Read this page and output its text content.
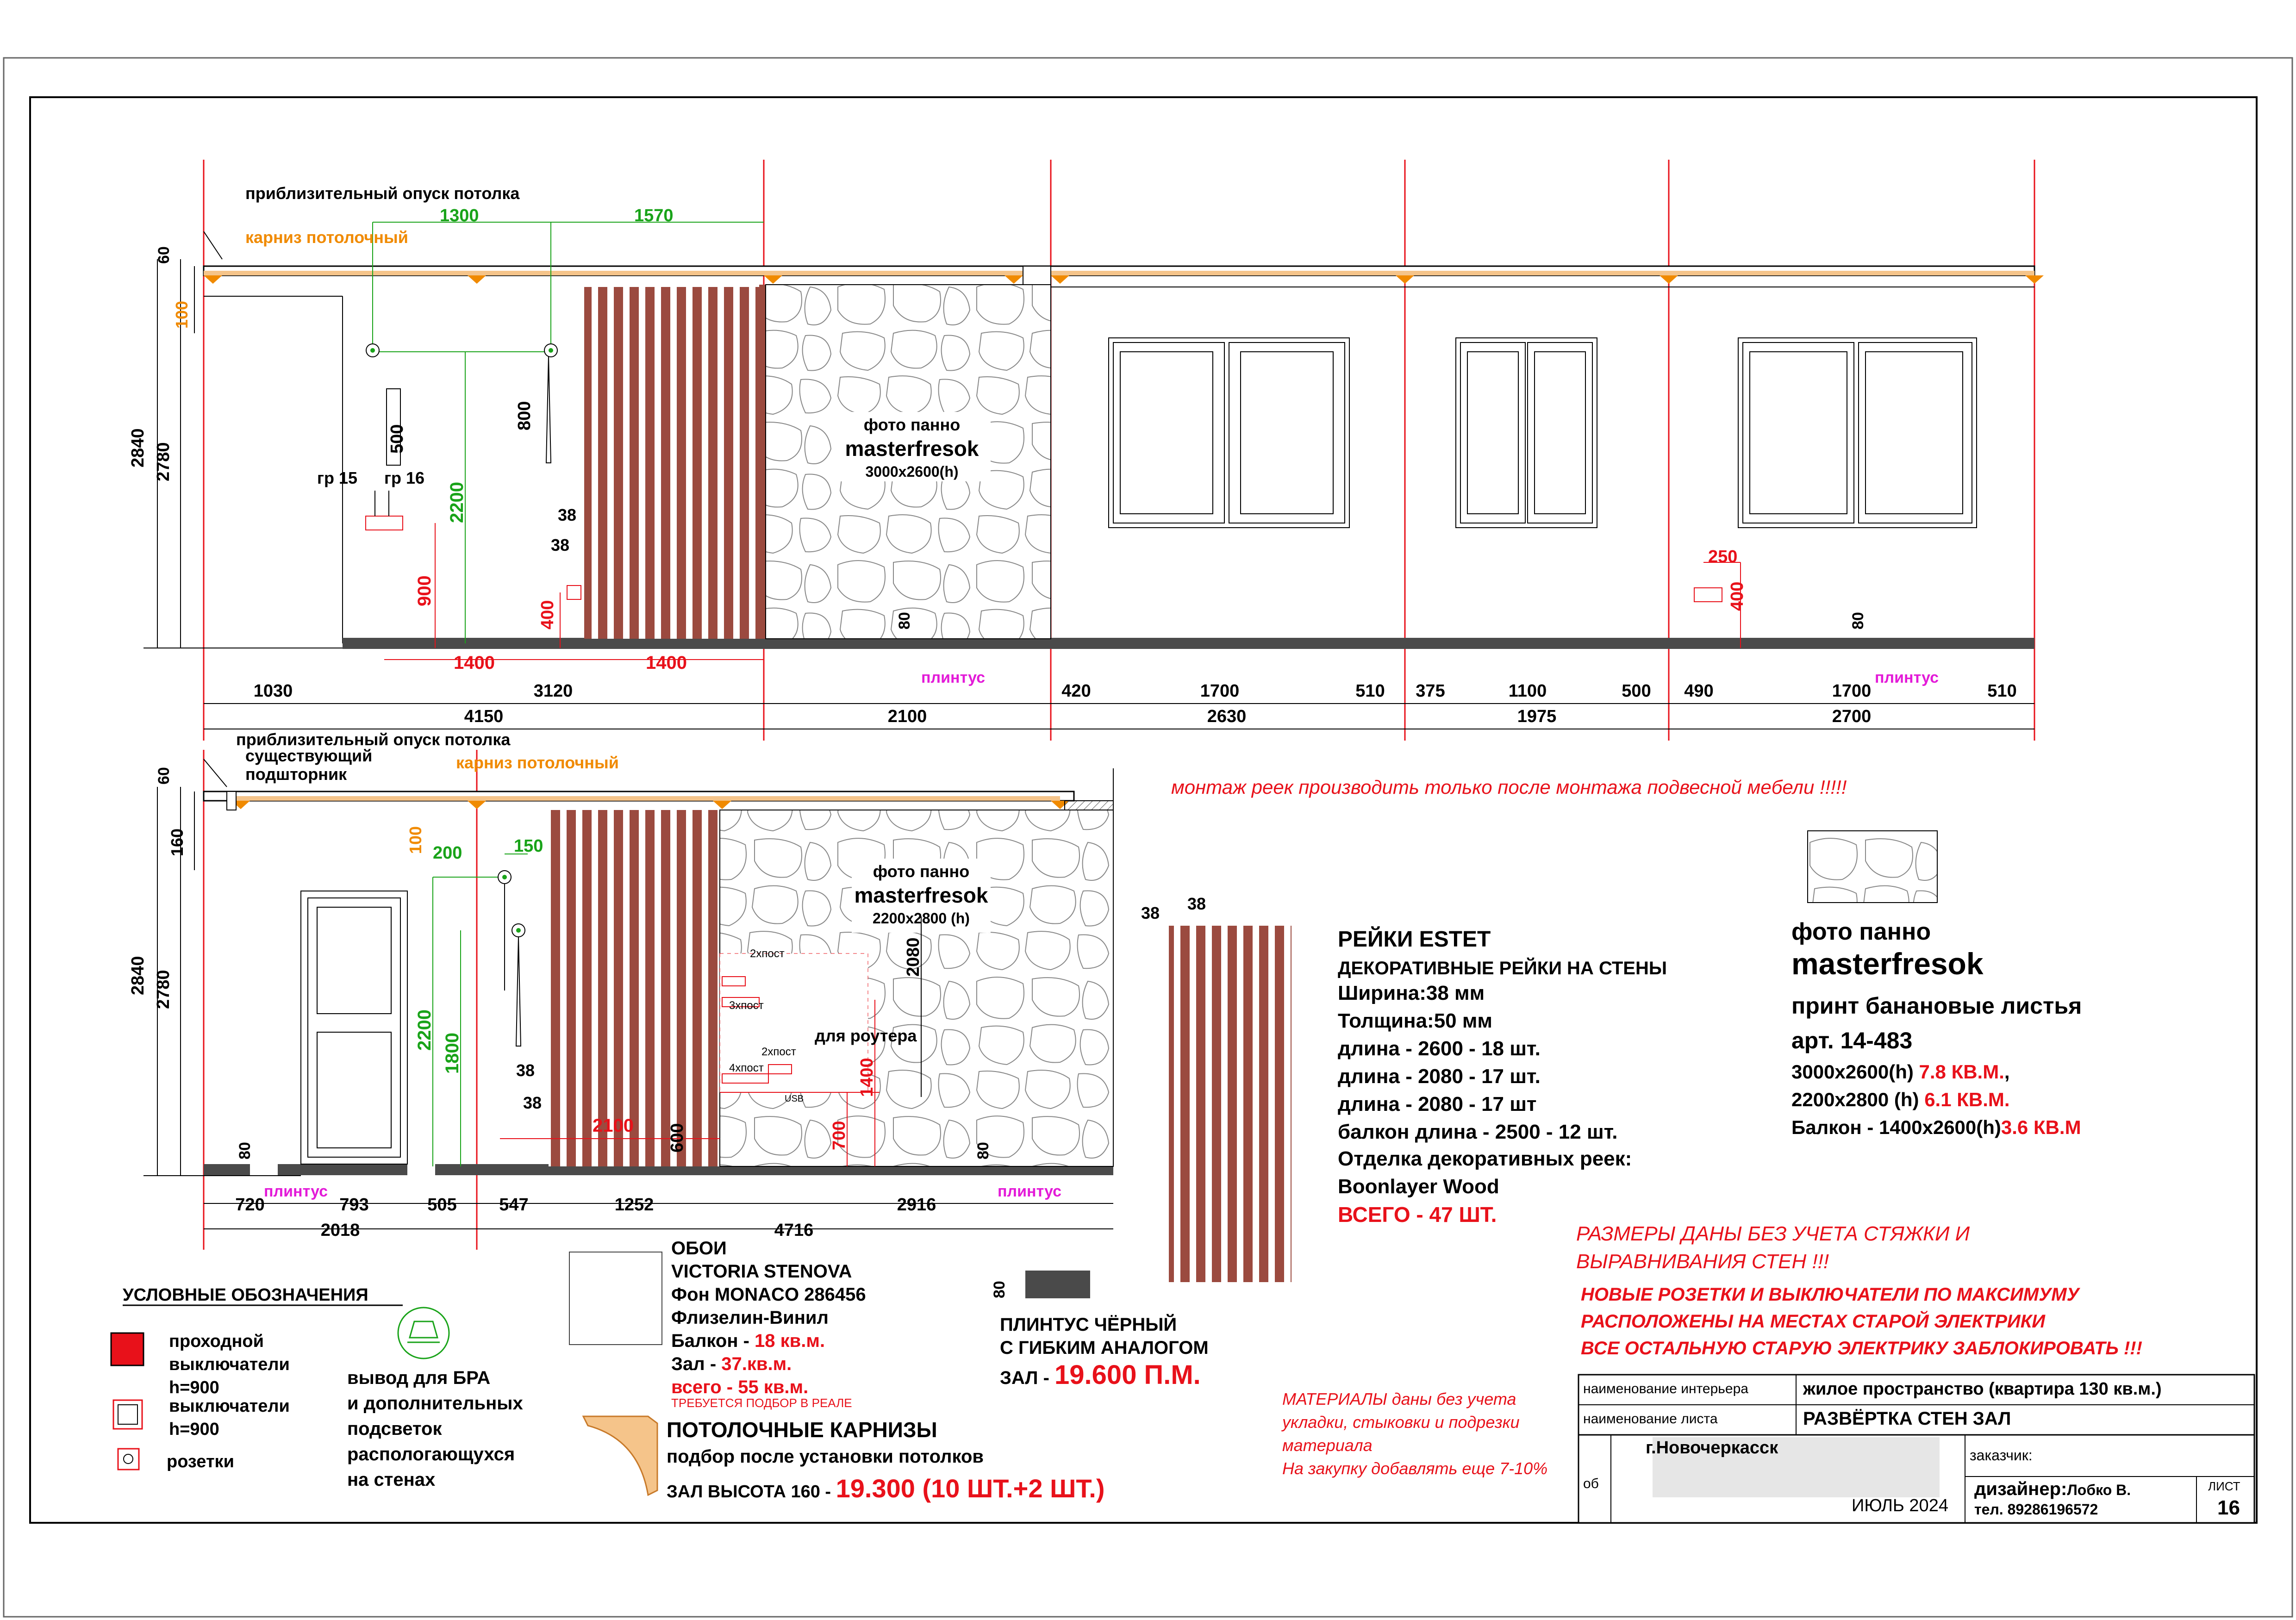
приблизительный опуск потолка
карниз потолочный
1300	1570
60
100
2840 2780
500
800
2200
900
400
38
38
гр 15 гр 16
1400	1400
80	80
плинтус	плинтус
250
400
фото панно
masterfresok
3000x2600(h)
1030	3120	420	1700	510 375	1100	500 490	1700	510
4150	2100	2630	1975	2700
приблизительный опуск потолка
существующий
подшторник
карниз потолочный
60
160	100
2840 2780
200	150
2200
1800	38
38
2080
1400
700
600
2100
80	80
плинтус	плинтус
2хпост
3хпост
2хпост
4хпост
USB
для роутера
фото панно
masterfresok
2200x2800 (h)
720	793	505 547	1252	2916
2018	4716
монтаж реек производить только после монтажа подвесной мебели !!!!!
38 38
РЕЙКИ ESTET
ДЕКОРАТИВНЫЕ РЕЙКИ НА СТЕНЫ
Ширина:38 мм
Толщина:50 мм
длина - 2600 - 18 шт.
длина - 2080 - 17 шт.
длина - 2080 - 17 шт
балкон длина - 2500 - 12 шт.
Отделка декоративных реек:
Boonlayer Wood
ВСЕГО - 47 ШТ.
фото панно
masterfresok
принт банановые листья
арт. 14-483
3000x2600(h) 7.8 КВ.М.,
2200x2800 (h) 6.1 КВ.М.
Балкон - 1400x2600(h)3.6 КВ.М
РАЗМЕРЫ ДАНЫ БЕЗ УЧЕТА СТЯЖКИ И
ВЫРАВНИВАНИЯ СТЕН !!!
НОВЫЕ РОЗЕТКИ И ВЫКЛЮЧАТЕЛИ ПО МАКСИМУМУ
РАСПОЛОЖЕНЫ НА МЕСТАХ СТАРОЙ ЭЛЕКТРИКИ
ВСЕ ОСТАЛЬНУЮ СТАРУЮ ЭЛЕКТРИКУ ЗАБЛОКИРОВАТЬ !!!
УСЛОВНЫЕ ОБОЗНАЧЕНИЯ
проходной
выключатели
h=900
выключатели
h=900
розетки
вывод для БРА
и дополнительных
подсветок
распологающухся
на стенах
ОБОИ
VICTORIA STENOVA
Фон MONACO 286456
Флизелин-Винил
Балкон - 18 кв.м.
Зал - 37.кв.м.
всего - 55 кв.м.
ТРЕБУЕТСЯ ПОДБОР В РЕАЛЕ
ПОТОЛОЧНЫЕ КАРНИЗЫ
подбор после установки потолков
ЗАЛ ВЫСОТА 160 - 19.300 (10 ШТ.+2 ШТ.)
80
ПЛИНТУС ЧЁРНЫЙ
С ГИБКИМ АНАЛОГОМ
ЗАЛ - 19.600 П.М.
МАТЕРИАЛЫ даны без учета
укладки, стыковки и подрезки
материала
На закупку добавлять еще 7-10%
наименование интерьера	жилое пространство (квартира 130 кв.м.)
наименование листа	РАЗВЁРТКА СТЕН ЗАЛ
г.Новочеркасск
об
заказчик:
ИЮЛЬ 2024
дизайнер:Лобко В.
тел. 89286196572
ЛИСТ
16
